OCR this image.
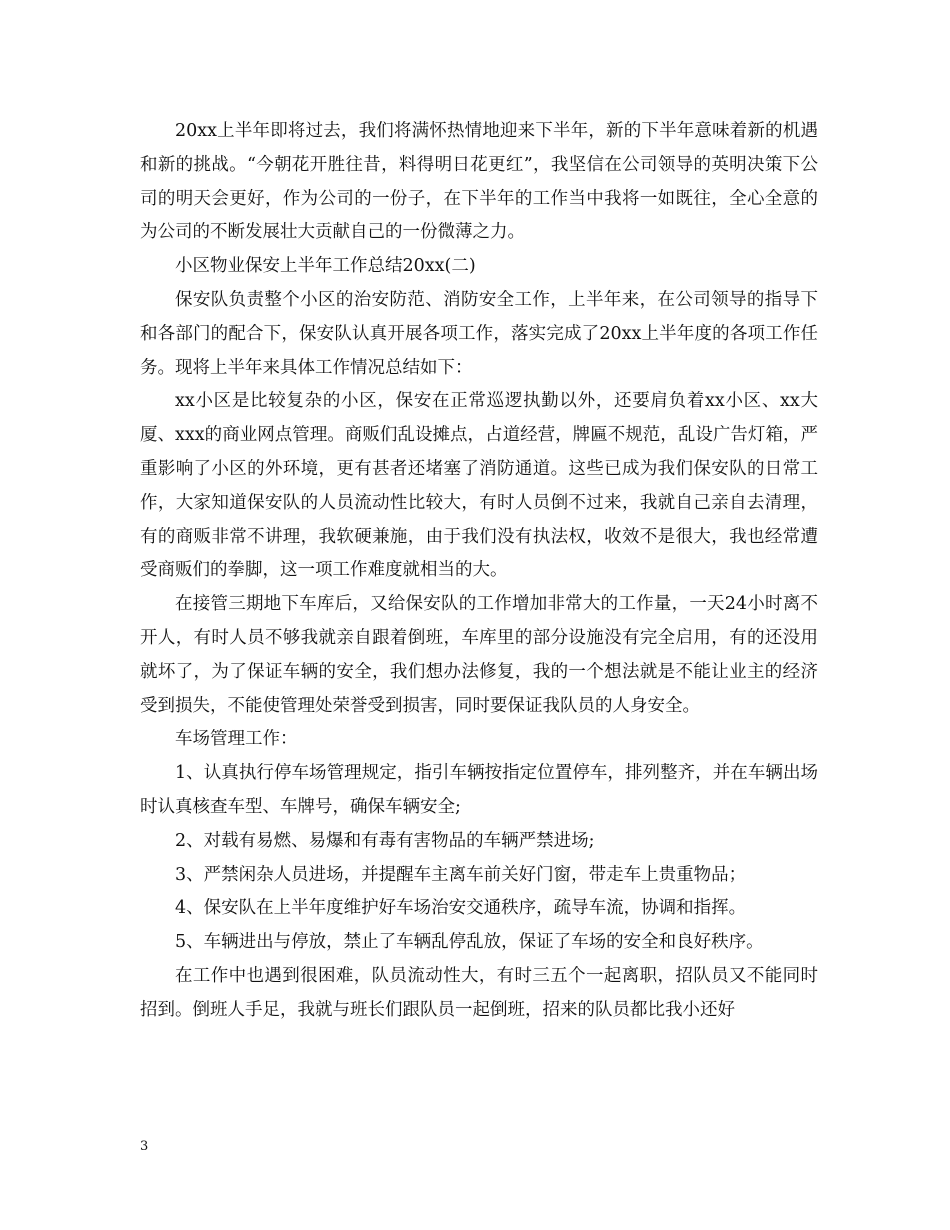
20xx上半年即将过去，我们将满怀热情地迎来下半年，新的下半年意味着新的机遇和新的挑战。“今朝花开胜往昔，料得明日花更红”，我坚信在公司领导的英明决策下公司的明天会更好，作为公司的一份子，在下半年的工作当中我将一如既往，全心全意的为公司的不断发展壮大贡献自己的一份微薄之力。

小区物业保安上半年工作总结20xx(二)

保安队负责整个小区的治安防范、消防安全工作，上半年来，在公司领导的指导下和各部门的配合下，保安队认真开展各项工作，落实完成了20xx上半年度的各项工作任务。现将上半年来具体工作情况总结如下：

xx小区是比较复杂的小区，保安在正常巡逻执勤以外，还要肩负着xx小区、xx大厦、xxx的商业网点管理。商贩们乱设摊点，占道经营，牌匾不规范，乱设广告灯箱，严重影响了小区的外环境，更有甚者还堵塞了消防通道。这些已成为我们保安队的日常工作，大家知道保安队的人员流动性比较大，有时人员倒不过来，我就自己亲自去清理，有的商贩非常不讲理，我软硬兼施，由于我们没有执法权，收效不是很大，我也经常遭受商贩们的拳脚，这一项工作难度就相当的大。

在接管三期地下车库后，又给保安队的工作增加非常大的工作量，一天24小时离不开人，有时人员不够我就亲自跟着倒班，车库里的部分设施没有完全启用，有的还没用就坏了，为了保证车辆的安全，我们想办法修复，我的一个想法就是不能让业主的经济受到损失，不能使管理处荣誉受到损害，同时要保证我队员的人身安全。

车场管理工作：

1、认真执行停车场管理规定，指引车辆按指定位置停车，排列整齐，并在车辆出场时认真核查车型、车牌号，确保车辆安全;

2、对载有易燃、易爆和有毒有害物品的车辆严禁进场;

3、严禁闲杂人员进场，并提醒车主离车前关好门窗，带走车上贵重物品；

4、保安队在上半年度维护好车场治安交通秩序，疏导车流，协调和指挥。

5、车辆进出与停放，禁止了车辆乱停乱放，保证了车场的安全和良好秩序。

在工作中也遇到很困难，队员流动性大，有时三五个一起离职，招队员又不能同时招到。倒班人手足，我就与班长们跟队员一起倒班，招来的队员都比我小还好

3
